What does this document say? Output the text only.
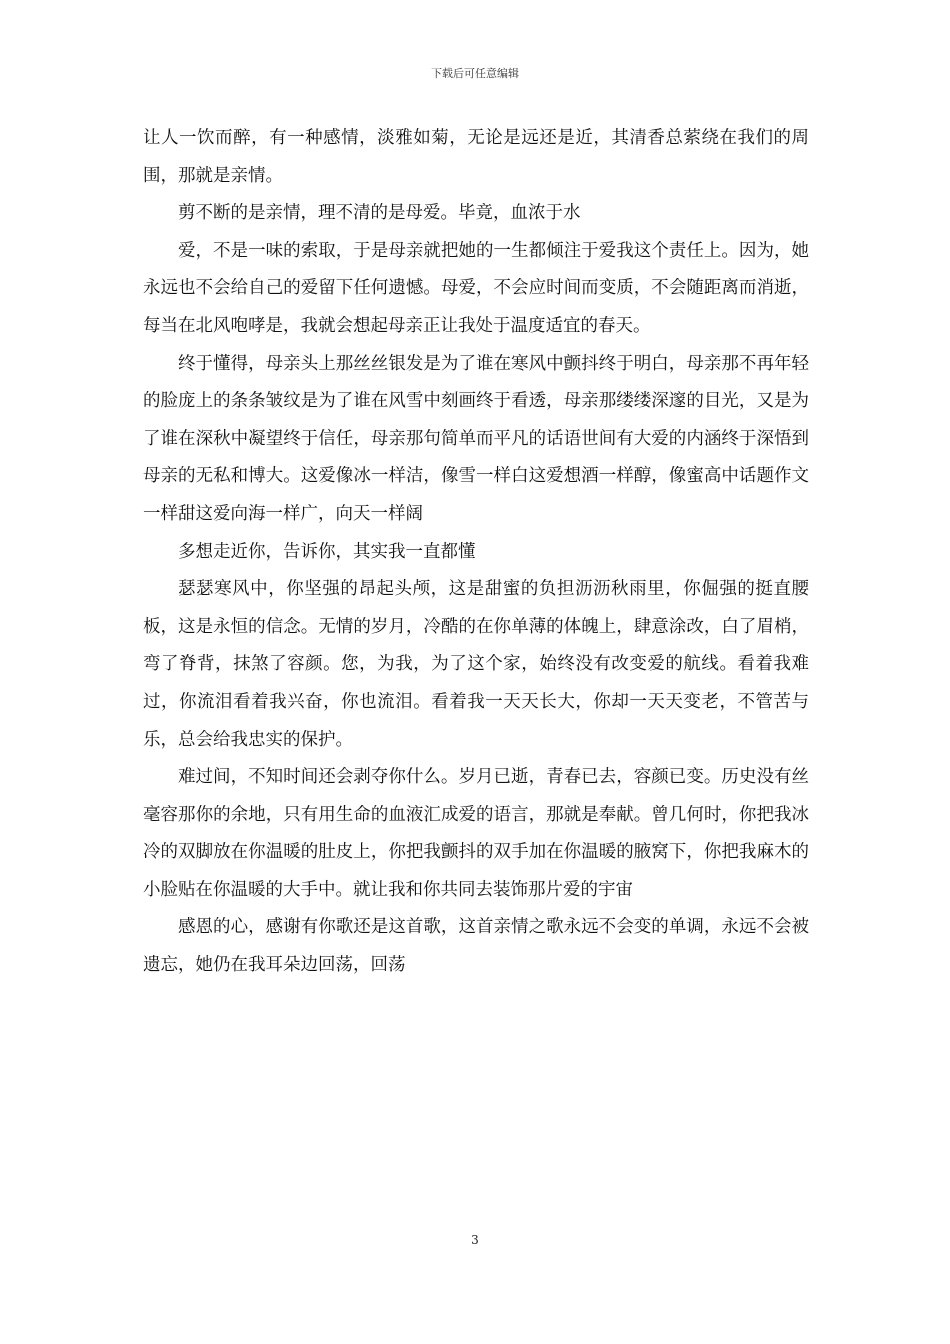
下载后可任意编辑

让人一饮而醉，有一种感情，淡雅如菊，无论是远还是近，其清香总萦绕在我们的周围，那就是亲情。

剪不断的是亲情，理不清的是母爱。毕竟，血浓于水

爱，不是一味的索取，于是母亲就把她的一生都倾注于爱我这个责任上。因为，她永远也不会给自己的爱留下任何遗憾。母爱，不会应时间而变质，不会随距离而消逝，每当在北风咆哮是，我就会想起母亲正让我处于温度适宜的春天。

终于懂得，母亲头上那丝丝银发是为了谁在寒风中颤抖终于明白，母亲那不再年轻的脸庞上的条条皱纹是为了谁在风雪中刻画终于看透，母亲那缕缕深邃的目光，又是为了谁在深秋中凝望终于信任，母亲那句简单而平凡的话语世间有大爱的内涵终于深悟到母亲的无私和博大。这爱像冰一样洁，像雪一样白这爱想酒一样醇，像蜜高中话题作文一样甜这爱向海一样广，向天一样阔

多想走近你，告诉你，其实我一直都懂

瑟瑟寒风中，你坚强的昂起头颅，这是甜蜜的负担沥沥秋雨里，你倔强的挺直腰板，这是永恒的信念。无情的岁月，冷酷的在你单薄的体魄上，肆意涂改，白了眉梢，弯了脊背，抹煞了容颜。您，为我，为了这个家，始终没有改变爱的航线。看着我难过，你流泪看着我兴奋，你也流泪。看着我一天天长大，你却一天天变老，不管苦与乐，总会给我忠实的保护。

难过间，不知时间还会剥夺你什么。岁月已逝，青春已去，容颜已变。历史没有丝毫容那你的余地，只有用生命的血液汇成爱的语言，那就是奉献。曾几何时，你把我冰冷的双脚放在你温暖的肚皮上，你把我颤抖的双手加在你温暖的腋窝下，你把我麻木的小脸贴在你温暖的大手中。就让我和你共同去装饰那片爱的宇宙

感恩的心，感谢有你歌还是这首歌，这首亲情之歌永远不会变的单调，永远不会被遗忘，她仍在我耳朵边回荡，回荡

3
